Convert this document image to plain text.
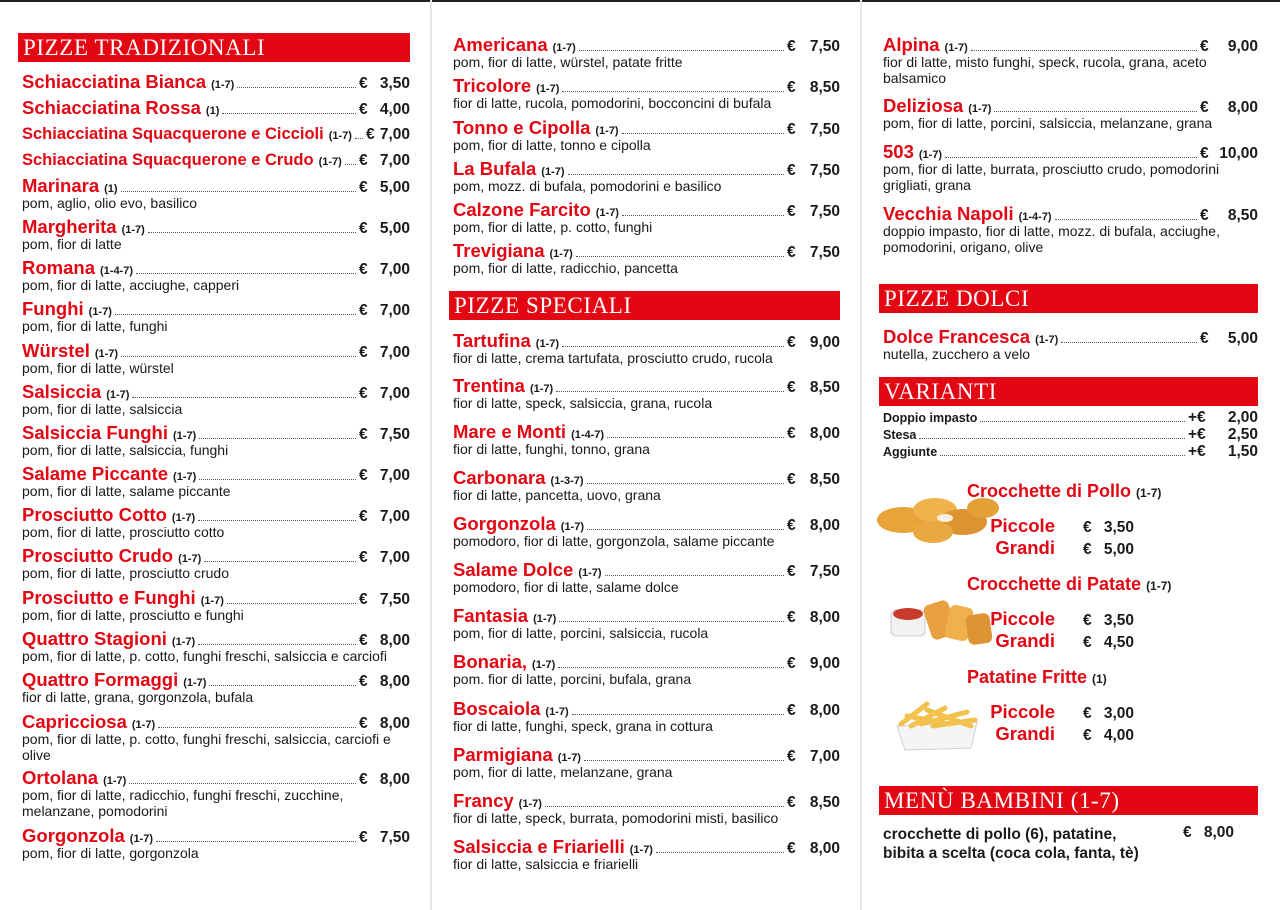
PIZZE TRADIZIONALI
Schiacciatina Bianca (1-7)	€ 3,50
Schiacciatina Rossa (1)	€ 4,00
Schiacciatina Squacquerone e Ciccioli (1-7) € 7,00
Schiacciatina Squacquerone e Crudo (1-7) € 7,00
Marinara (1)	€ 5,00
pom, aglio, olio evo, basilico
Margherita (1-7)	€ 5,00
pom, fior di latte
Romana (1-4-7)	€ 7,00
pom, fior di latte, acciughe, capperi
Funghi (1-7)	€ 7,00
pom, fior di latte, funghi
Würstel (1-7)	€ 7,00
pom, fior di latte, würstel
Salsiccia (1-7)	€ 7,00
pom, fior di latte, salsiccia
Salsiccia Funghi (1-7)	€ 7,50
pom, fior di latte, salsiccia, funghi
Salame Piccante (1-7)	€ 7,00
pom, fior di latte, salame piccante
Prosciutto Cotto (1-7)	€ 7,00
pom, fior di latte, prosciutto cotto
Prosciutto Crudo (1-7)	€ 7,00
pom, fior di latte, prosciutto crudo
Prosciutto e Funghi (1-7)	€ 7,50
pom, fior di latte, prosciutto e funghi
Quattro Stagioni (1-7)	€ 8,00
pom, fior di latte, p. cotto, funghi freschi, salsiccia e carciofi
Quattro Formaggi (1-7)	€ 8,00
fior di latte, grana, gorgonzola, bufala
Capricciosa (1-7)	€ 8,00
pom, fior di latte, p. cotto, funghi freschi, salsiccia, carciofi e olive
Ortolana (1-7)	€ 8,00
pom, fior di latte, radicchio, funghi freschi, zucchine, melanzane, pomodorini
Gorgonzola (1-7)	€ 7,50
pom, fior di latte, gorgonzola
Americana (1-7)	€ 7,50
pom, fior di latte, würstel, patate fritte
Tricolore (1-7)	€ 8,50
fior di latte, rucola, pomodorini, bocconcini di bufala
Tonno e Cipolla (1-7)	€ 7,50
pom, fior di latte, tonno e cipolla
La Bufala (1-7)	€ 7,50
pom, mozz. di bufala, pomodorini e basilico
Calzone Farcito (1-7)	€ 7,50
pom, fior di latte, p. cotto, funghi
Trevigiana (1-7)	€ 7,50
pom, fior di latte, radicchio, pancetta
PIZZE SPECIALI
Tartufina (1-7)	€ 9,00
fior di latte, crema tartufata, prosciutto crudo, rucola
Trentina (1-7)	€ 8,50
fior di latte, speck, salsiccia, grana, rucola
Mare e Monti (1-4-7)	€ 8,00
fior di latte, funghi, tonno, grana
Carbonara (1-3-7)	€ 8,50
fior di latte, pancetta, uovo, grana
Gorgonzola (1-7)	€ 8,00
pomodoro, fior di latte, gorgonzola, salame piccante
Salame Dolce (1-7)	€ 7,50
pomodoro, fior di latte, salame dolce
Fantasia (1-7)	€ 8,00
pom, fior di latte, porcini, salsiccia, rucola
Bonaria, (1-7)	€ 9,00
pom. fior di latte, porcini, bufala, grana
Boscaiola (1-7)	€ 8,00
fior di latte, funghi, speck, grana in cottura
Parmigiana (1-7)	€ 7,00
pom, fior di latte, melanzane, grana
Francy (1-7)	€ 8,50
fior di latte, speck, burrata, pomodorini misti, basilico
Salsiccia e Friarielli (1-7)	€ 8,00
fior di latte, salsiccia e friarielli
Alpina (1-7)	€ 9,00
fior di latte, misto funghi, speck, rucola, grana, aceto balsamico
Deliziosa (1-7)	€ 8,00
pom, fior di latte, porcini, salsiccia, melanzane, grana
503 (1-7)	€ 10,00
pom, fior di latte, burrata, prosciutto crudo, pomodorini grigliati, grana
Vecchia Napoli (1-4-7)	€ 8,50
doppio impasto, fior di latte, mozz. di bufala, acciughe, pomodorini, origano, olive
PIZZE DOLCI
Dolce Francesca (1-7)	€ 5,00
nutella, zucchero a velo
VARIANTI
Doppio impasto	+€ 2,00
Stesa	+€ 2,50
Aggiunte	+€ 1,50
Crocchette di Pollo (1-7)
Piccole € 3,50
Grandi € 5,00
Crocchette di Patate (1-7)
Piccole € 3,50
Grandi € 4,50
Patatine Fritte (1)
Piccole € 3,00
Grandi € 4,00
MENÙ BAMBINI (1-7)
crocchette di pollo (6), patatine,
bibita a scelta (coca cola, fanta, tè)
€ 8,00
